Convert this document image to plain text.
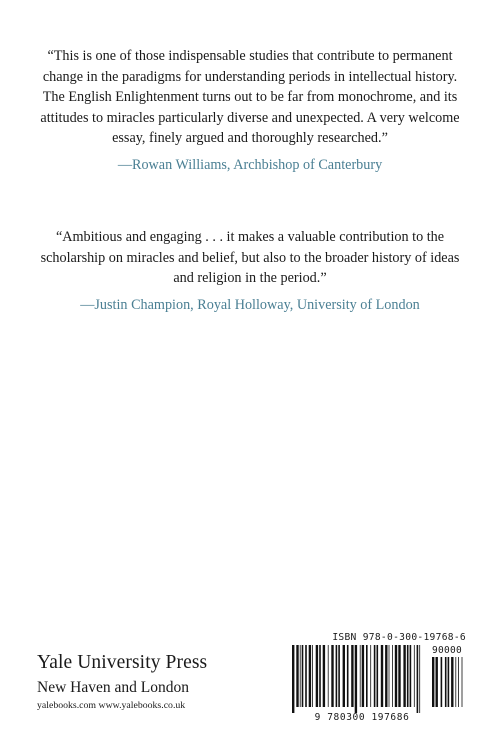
“This is one of those indispensable studies that contribute to permanent change in the paradigms for understanding periods in intellectual history. The English Enlightenment turns out to be far from monochrome, and its attitudes to miracles particularly diverse and unexpected. A very welcome essay, finely argued and thoroughly researched.”

—Rowan Williams, Archbishop of Canterbury

“Ambitious and engaging . . . it makes a valuable contribution to the scholarship on miracles and belief, but also to the broader history of ideas and religion in the period.”

—Justin Champion, Royal Holloway, University of London

Yale University Press
New Haven and London
yalebooks.com www.yalebooks.co.uk
ISBN 978-0-300-19768-6
90000
9 780300 197686
